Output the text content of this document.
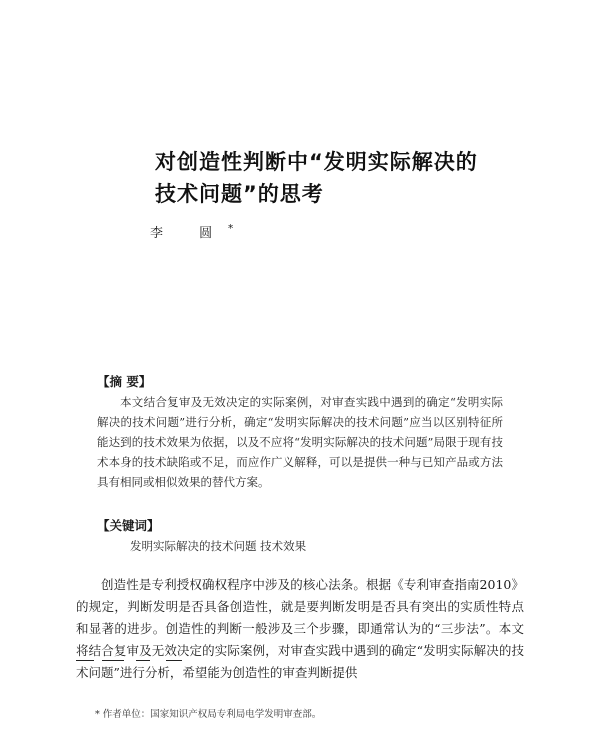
对创造性判断中“发明实际解决的
技术问题”的思考
李 圆*
【摘 要】
本文结合复审及无效决定的实际案例，对审查实践中遇到的确定“发明实际解决的技术问题”进行分析，确定“发明实际解决的技术问题”应当以区别特征所能达到的技术效果为依据，以及不应将“发明实际解决的技术问题”局限于现有技术本身的技术缺陷或不足，而应作广义解释，可以是提供一种与已知产品或方法具有相同或相似效果的替代方案。
【关键词】
发明实际解决的技术问题 技术效果
创造性是专利授权确权程序中涉及的核心法条。根据《专利审查指南2010》的规定，判断发明是否具备创造性，就是要判断发明是否具有突出的实质性特点和显著的进步。创造性的判断一般涉及三个步骤，即通常认为的“三步法”。本文将结合复审及无效决定的实际案例，对审查实践中遇到的确定“发明实际解决的技术问题”进行分析，希望能为创造性的审查判断提供
* 作者单位：国家知识产权局专利局电学发明审查部。
